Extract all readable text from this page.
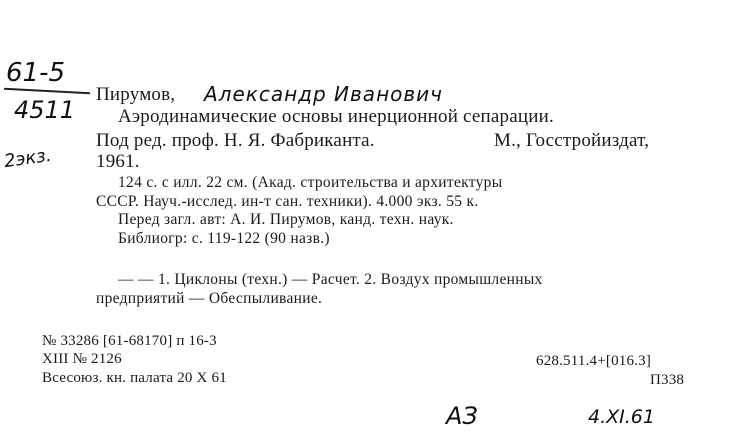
61-5
4511
2экз.
Пирумов, Александр Иванович
Аэродинамические основы инерционной сепарации.
Под ред. проф. Н. Я. Фабриканта.	М., Госстройиздат,
1961.
124 с. с илл. 22 см. (Акад. строительства и архитектуры
СССР. Науч.-исслед. ин-т сан. техники). 4.000 экз. 55 к.
Перед загл. авт: А. И. Пирумов, канд. техн. наук.
Библиогр: с. 119-122 (90 назв.)
— — 1. Циклоны (техн.) — Расчет. 2. Воздух промышленных
предприятий — Обеспыливание.
№ 33286 [61-68170] п 16-3
XIII № 2126
Всесоюз. кн. палата 20 X 61
628.511.4+[016.3]
П338
АЗ	4.XI.61
